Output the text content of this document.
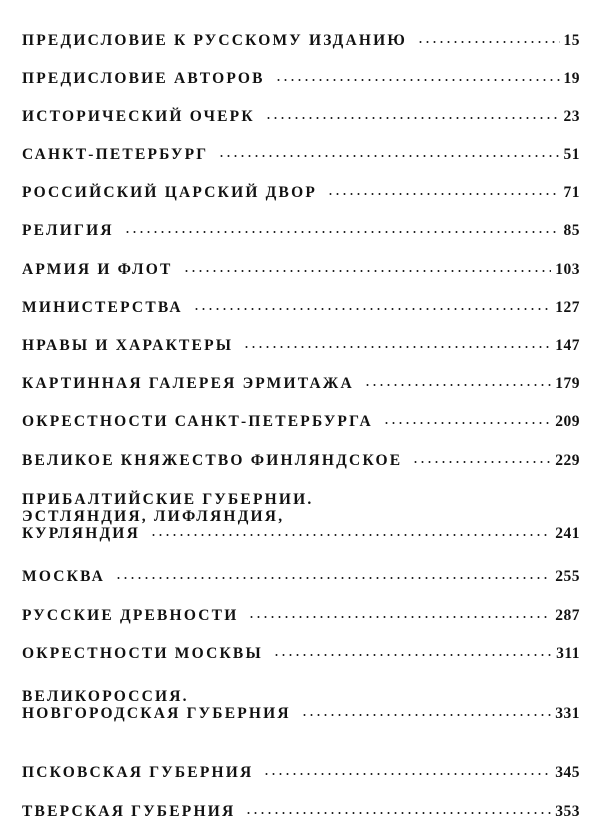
ПРЕДИСЛОВИЕ К РУССКОМУ ИЗДАНИЮ	15
ПРЕДИСЛОВИЕ АВТОРОВ	19
ИСТОРИЧЕСКИЙ ОЧЕРК	23
САНКТ-ПЕТЕРБУРГ	51
РОССИЙСКИЙ ЦАРСКИЙ ДВОР	71
РЕЛИГИЯ	85
АРМИЯ И ФЛОТ	103
МИНИСТЕРСТВА	127
НРАВЫ И ХАРАКТЕРЫ	147
КАРТИННАЯ ГАЛЕРЕЯ ЭРМИТАЖА	179
ОКРЕСТНОСТИ САНКТ-ПЕТЕРБУРГА	209
ВЕЛИКОЕ КНЯЖЕСТВО ФИНЛЯНДСКОЕ	229
ПРИБАЛТИЙСКИЕ ГУБЕРНИИ.
ЭСТЛЯНДИЯ, ЛИФЛЯНДИЯ,
КУРЛЯНДИЯ	241
МОСКВА	255
РУССКИЕ ДРЕВНОСТИ	287
ОКРЕСТНОСТИ МОСКВЫ	311
ВЕЛИКОРОССИЯ.
НОВГОРОДСКАЯ ГУБЕРНИЯ	331
ПСКОВСКАЯ ГУБЕРНИЯ	345
ТВЕРСКАЯ ГУБЕРНИЯ	353
